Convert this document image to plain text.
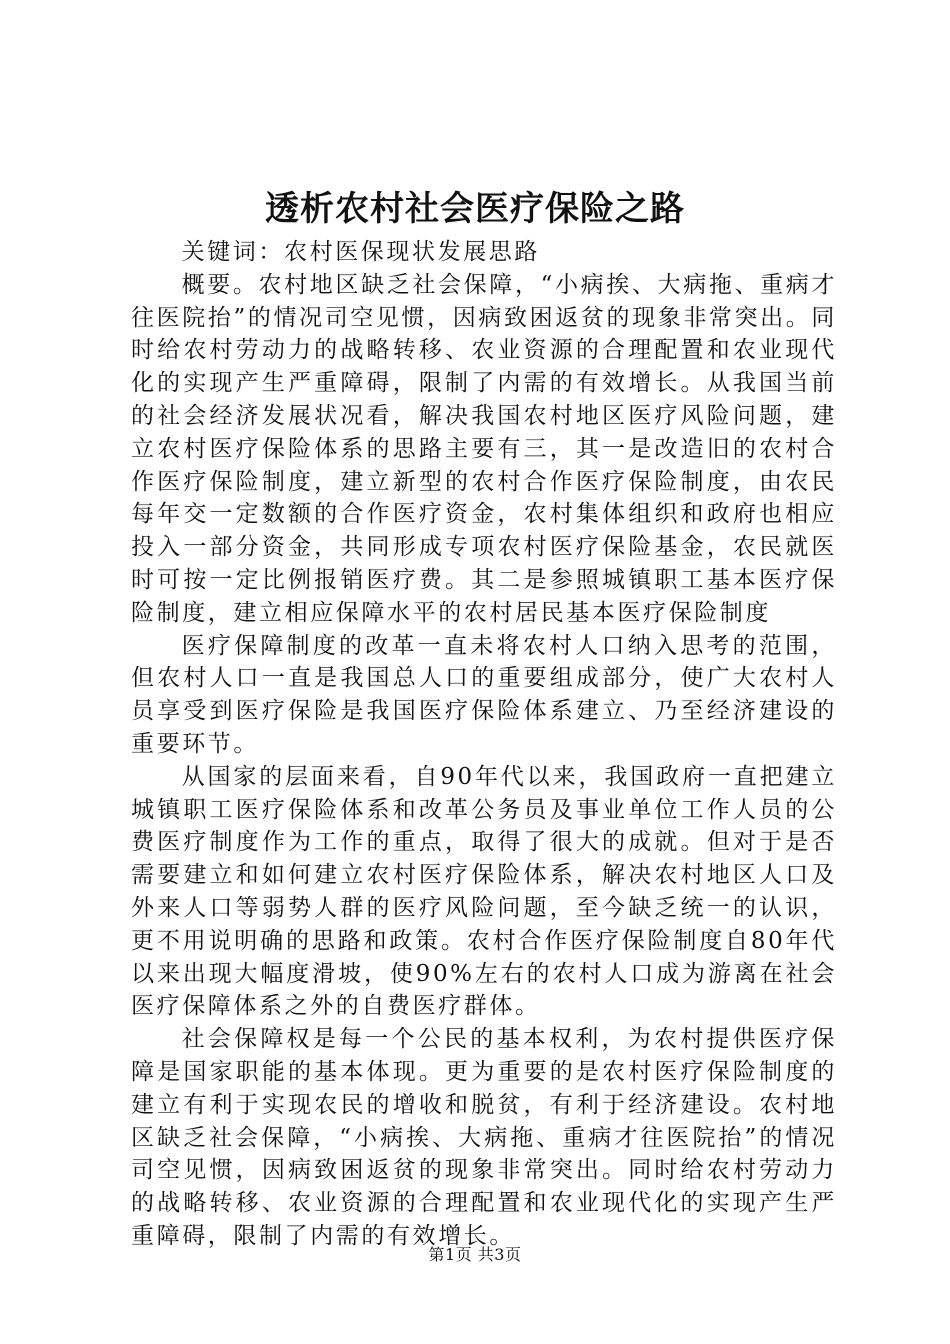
透析农村社会医疗保险之路

关键词：农村医保现状发展思路

概要。农村地区缺乏社会保障，“小病挨、大病拖、重病才往医院抬”的情况司空见惯，因病致困返贫的现象非常突出。同时给农村劳动力的战略转移、农业资源的合理配置和农业现代化的实现产生严重障碍，限制了内需的有效增长。从我国当前的社会经济发展状况看，解决我国农村地区医疗风险问题，建立农村医疗保险体系的思路主要有三，其一是改造旧的农村合作医疗保险制度，建立新型的农村合作医疗保险制度，由农民每年交一定数额的合作医疗资金，农村集体组织和政府也相应投入一部分资金，共同形成专项农村医疗保险基金，农民就医时可按一定比例报销医疗费。其二是参照城镇职工基本医疗保险制度，建立相应保障水平的农村居民基本医疗保险制度

医疗保障制度的改革一直未将农村人口纳入思考的范围，但农村人口一直是我国总人口的重要组成部分，使广大农村人员享受到医疗保险是我国医疗保险体系建立、乃至经济建设的重要环节。

从国家的层面来看，自90年代以来，我国政府一直把建立城镇职工医疗保险体系和改革公务员及事业单位工作人员的公费医疗制度作为工作的重点，取得了很大的成就。但对于是否需要建立和如何建立农村医疗保险体系，解决农村地区人口及外来人口等弱势人群的医疗风险问题，至今缺乏统一的认识，更不用说明确的思路和政策。农村合作医疗保险制度自80年代以来出现大幅度滑坡，使90%左右的农村人口成为游离在社会医疗保障体系之外的自费医疗群体。

社会保障权是每一个公民的基本权利，为农村提供医疗保障是国家职能的基本体现。更为重要的是农村医疗保险制度的建立有利于实现农民的增收和脱贫，有利于经济建设。农村地区缺乏社会保障，“小病挨、大病拖、重病才往医院抬”的情况司空见惯，因病致困返贫的现象非常突出。同时给农村劳动力的战略转移、农业资源的合理配置和农业现代化的实现产生严重障碍，限制了内需的有效增长。

第1页 共3页
